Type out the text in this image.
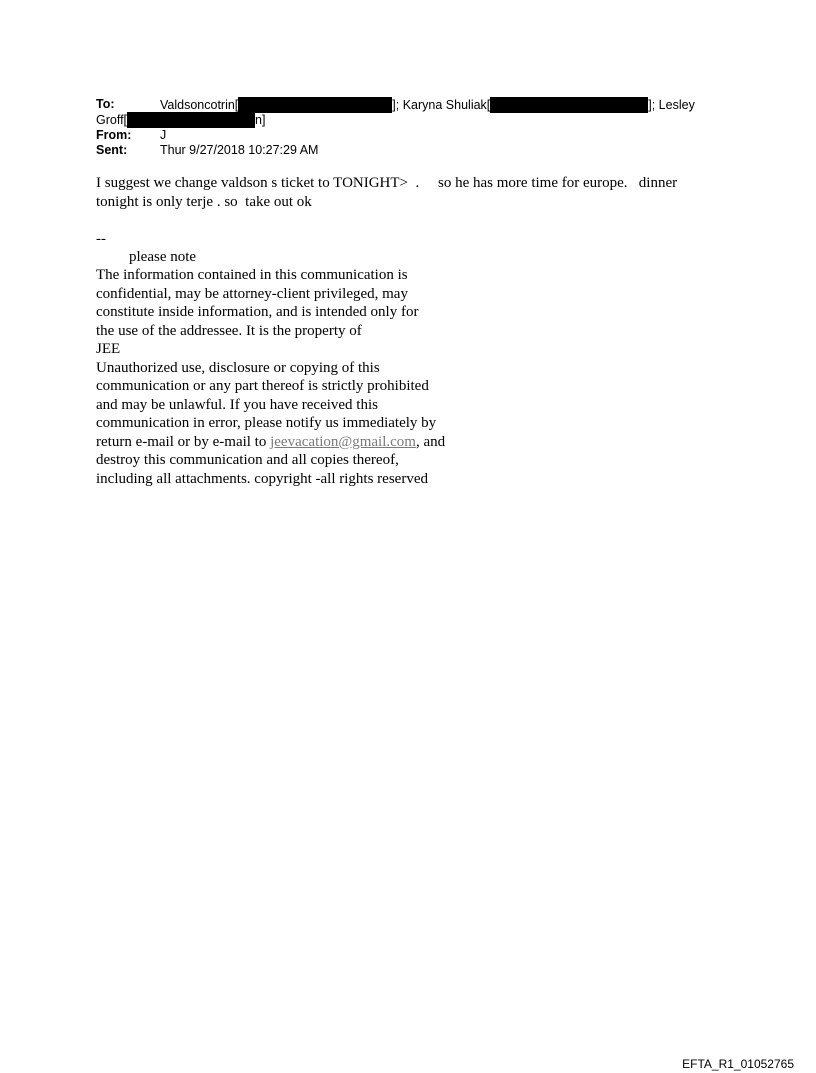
To:	Valdsoncotrin[	]; Karyna Shuliak[	]; Lesley
Groff[	n]
From: J
Sent:	Thur 9/27/2018 10:27:29 AM
I suggest we change valdson s ticket to TONIGHT>  .     so he has more time for europe.   dinner
tonight is only terje . so  take out ok
--
please note
The information contained in this communication is
confidential, may be attorney-client privileged, may
constitute inside information, and is intended only for
the use of the addressee. It is the property of
JEE
Unauthorized use, disclosure or copying of this
communication or any part thereof is strictly prohibited
and may be unlawful. If you have received this
communication in error, please notify us immediately by
return e-mail or by e-mail to jeevacation@gmail.com, and
destroy this communication and all copies thereof,
including all attachments. copyright -all rights reserved
EFTA_R1_01052765
